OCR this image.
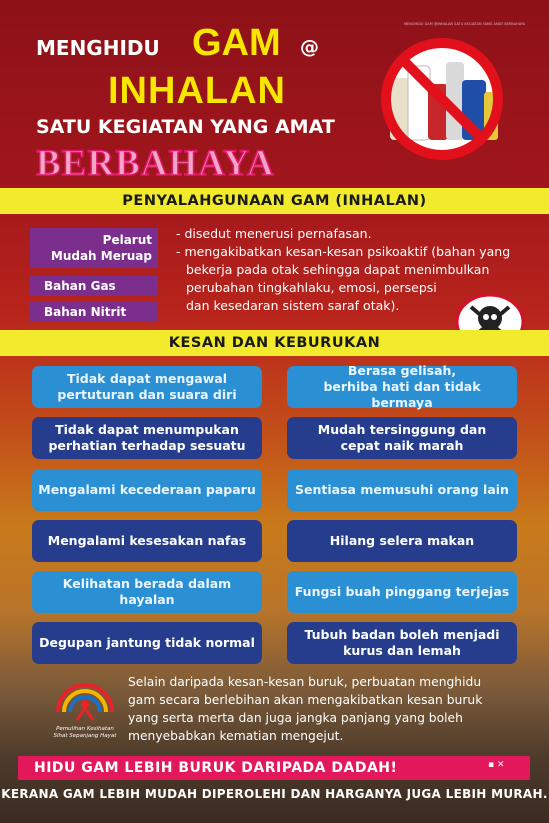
MENGHIDU GAM @INHALAN SATU KEGIATAN YANG AMAT BERBAHAYA
MENGHIDU GAM @
INHALAN
SATU KEGIATAN YANG AMAT
BERBAHAYA
PENYALAHGUNAAN GAM (INHALAN)
Pelarut
Mudah Meruap
Bahan Gas
Bahan Nitrit
- disedut menerusi pernafasan.
- mengakibatkan kesan-kesan psikoaktif (bahan yang
bekerja pada otak sehingga dapat menimbulkan
perubahan tingkahlaku, emosi, persepsi
dan kesedaran sistem saraf otak).
KESAN DAN KEBURUKAN
Tidak dapat mengawal
pertuturan dan suara diri
Tidak dapat menumpukan
perhatian terhadap sesuatu
Mengalami kecederaan paparu
Mengalami kesesakan nafas
Kelihatan berada dalam hayalan
Degupan jantung tidak normal
Berasa gelisah,
berhiba hati dan tidak bermaya
Mudah tersinggung dan
cepat naik marah
Sentiasa memusuhi orang lain
Hilang selera makan
Fungsi buah pinggang terjejas
Tubuh badan boleh menjadi
kurus dan lemah
Pemulihan Kesihatan
Sihat Sepanjang Hayat
Selain daripada kesan-kesan buruk, perbuatan menghidu
gam secara berlebihan akan mengakibatkan kesan buruk
yang serta merta dan juga jangka panjang yang boleh
menyebabkan kematian mengejut.
HIDU GAM LEBIH BURUK DARIPADA DADAH!	▪ ✕
KERANA GAM LEBIH MUDAH DIPEROLEHI DAN HARGANYA JUGA LEBIH MURAH.
